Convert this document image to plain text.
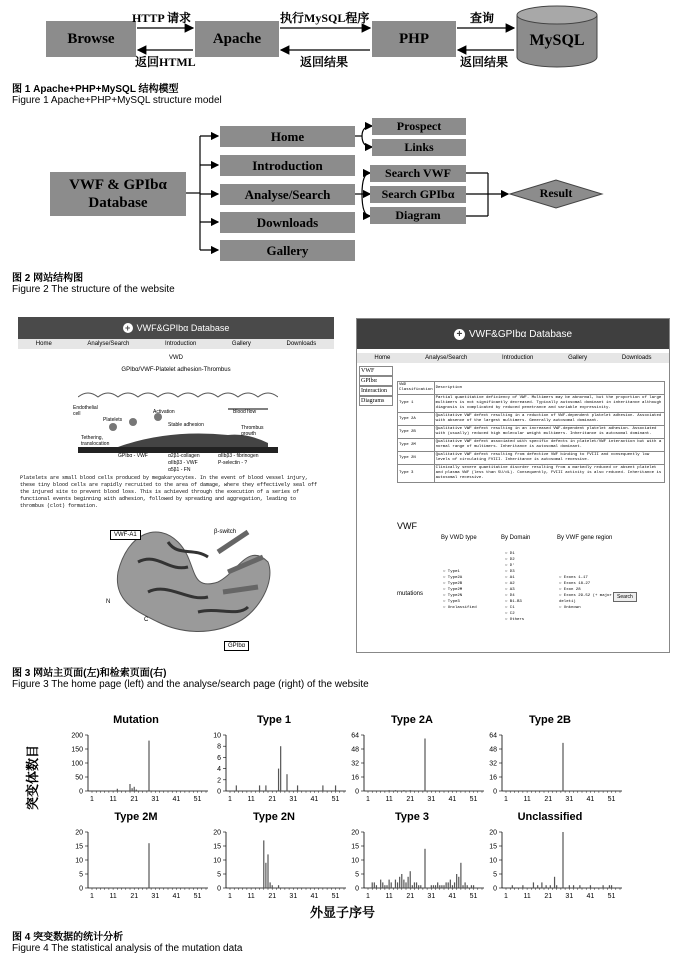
Browse	Apache	PHP	MySQL
HTTP 请求	执行MySQL程序	查询
返回HTML	返回结果	返回结果
图 1 Apache+PHP+MySQL 结构模型
Figure 1 Apache+PHP+MySQL structure model
VWF & GPIbα
Database
Home
Introduction
Analyse/Search
Downloads
Gallery
Prospect
Links
Search VWF
Search GPIbα
Diagram
Result
图 2 网站结构图
Figure 2 The structure of the website
+ VWF&GPIbα Database
Home	Analyse/Search	Introduction	Gallery	Downloads
VWD
GPIbα/VWF-Platelet adhesion-Thrombus
Endothelial cell
Platelets
Activation	Blood flow
Stable adhesion
Tethering, translocation
Thrombus growth
GPIbα - VWF	α2β1-collagen
αIIbβ3 - VWF
αIIbβ3 - fibrinogen
P-selectin - ?
α5β1 - FN
Platelets are small blood cells produced by megakaryocytes. In the event of blood vessel injury, these tiny blood cells are rapidly recruited to the area of damage, where they effectively seal off the injured site to prevent blood loss. This is achieved through the execution of a series of functional events beginning with adhesion, followed by spreading and aggregation, leading to thrombus (clot) formation.
VWF-A1	β-switch
N
C
GPIbα
+ VWF&GPIbα Database
Home	Analyse/Search	Introduction	Gallery	Downloads
VWF
GPIbα
Interaction
Diagrams
VWD Classification	Description
Type 1	Partial quantitative deficiency of VWF. Multimers may be abnormal, but the proportion of large multimers is not significantly decreased. Typically autosomal dominant in inheritance although diagnosis is complicated by reduced penetrance and variable expressivity.
Type 2A	Qualitative VWF defect resulting in a reduction of VWF-dependent platelet adhesion. Associated with absence of the largest multimers. Generally autosomal dominant.
Type 2B	Qualitative VWF defect resulting in an increased VWF-dependent platelet adhesion. Associated with (usually) reduced high molecular weight multimers. Inheritance is autosomal dominant.
Type 2M	Qualitative VWF defect associated with specific defects in platelet/VWF interaction but with a normal range of multimers. Inheritance is autosomal dominant.
Type 2N	Qualitative VWF defect resulting from defective VWF binding to FVIII and consequently low levels of circulating FVIII. Inheritance is autosomal recessive.
Type 3	Clinically severe quantitative disorder resulting from a markedly reduced or absent platelet and plasma VWF (less than 5U/dL). Consequently, FVIII activity is also reduced. Inheritance is autosomal recessive.
VWF
By VWD type	By Domain	By VWF gene region
mutations
○ Type1
○ Type2A
○ Type2B
○ Type2M
○ Type2N
○ Type3
○ Unclassified
○ D1
○ D2
○ D'
○ D3
○ A1
○ A2
○ A3
○ D4
○ B1-B3
○ C1
○ C2
○ Others
○ Exons 1-17
○ Exons 18-27
○ Exon 28
○ Exons 29-52 (+ major deleti)
○ Unknown
Search
图 3 网站主页面(左)和检索页面(右)
Figure 3 The home page (left) and the analyse/search page (right) of the website
Mutation
0
50
100
150
200
1 11 21 31 41 51
Type 1
0
2
4
6
8
10
1 11 21 31 41 51
Type 2A
0
16
32
48
64
1 11 21 31 41 51
Type 2B
0
16
32
48
64
1 11 21 31 41 51
Type 2M
0
5
10
15
20
1 11 21 31 41 51
Type 2N
0
5
10
15
20
1 11 21 31 41 51
Type 3
0
5
10
15
20
1 11 21 31 41 51
Unclassified
0
5
10
15
20
1 11 21 31 41 51
突变体数目
外显子序号
图 4 突变数据的统计分析
Figure 4 The statistical analysis of the mutation data
